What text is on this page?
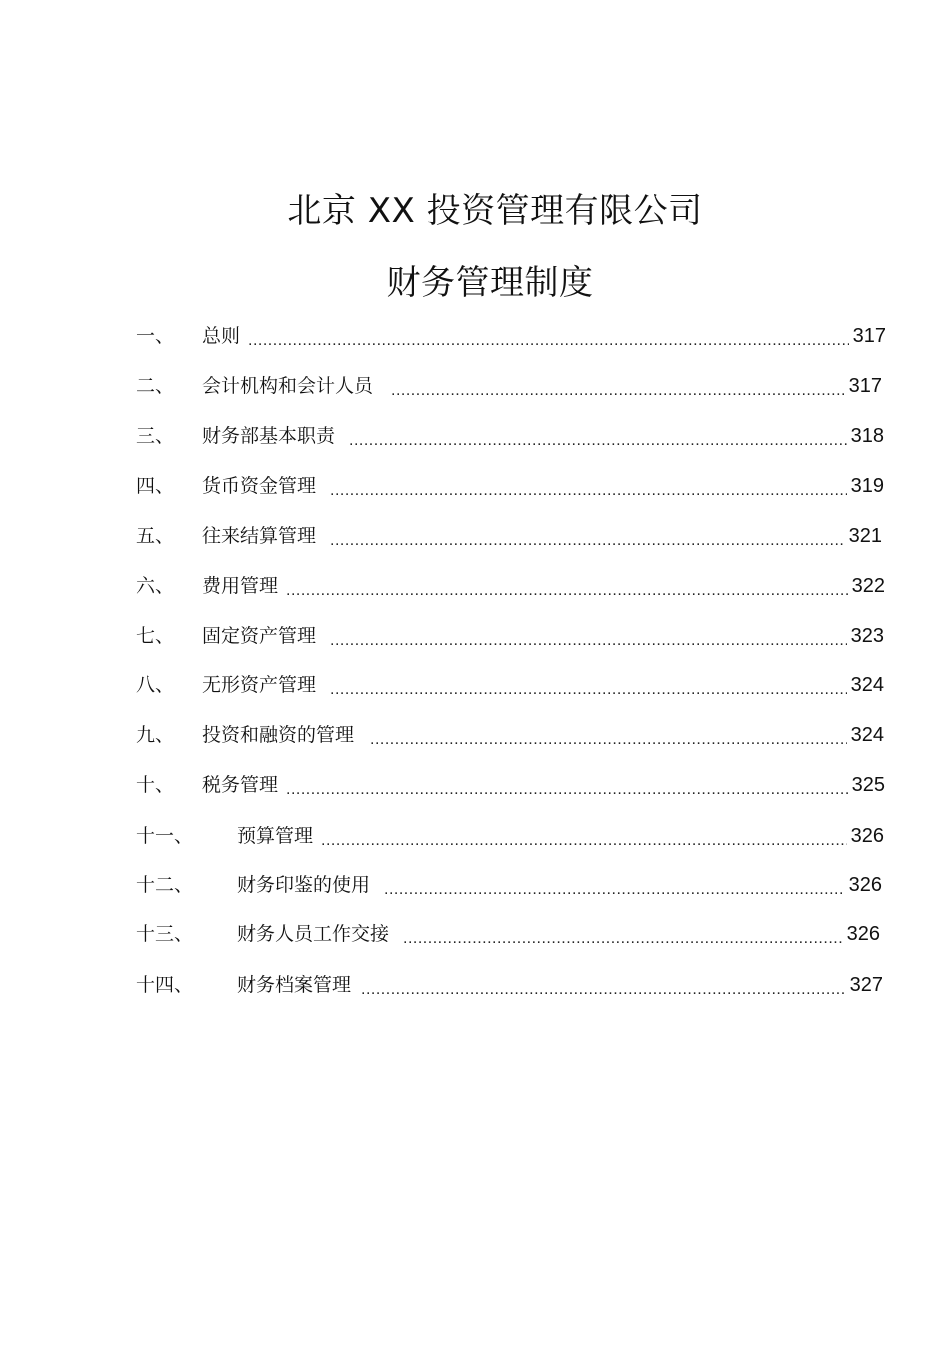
北京 XX 投资管理有限公司
财务管理制度
一、	总则 .....	317
二、	会计机构和会计人员 .....	317
三、	财务部基本职责 .....	318
四、	货币资金管理 .....	319
五、	往来结算管理 .....	321
六、	费用管理 .....	322
七、	固定资产管理 .....	323
八、	无形资产管理 .....	324
九、	投资和融资的管理 .....	324
十、	税务管理 .....	325
十一、	预算管理 .....	326
十二、	财务印鉴的使用 .....	326
十三、	财务人员工作交接 .....	326
十四、	财务档案管理 .....	327
